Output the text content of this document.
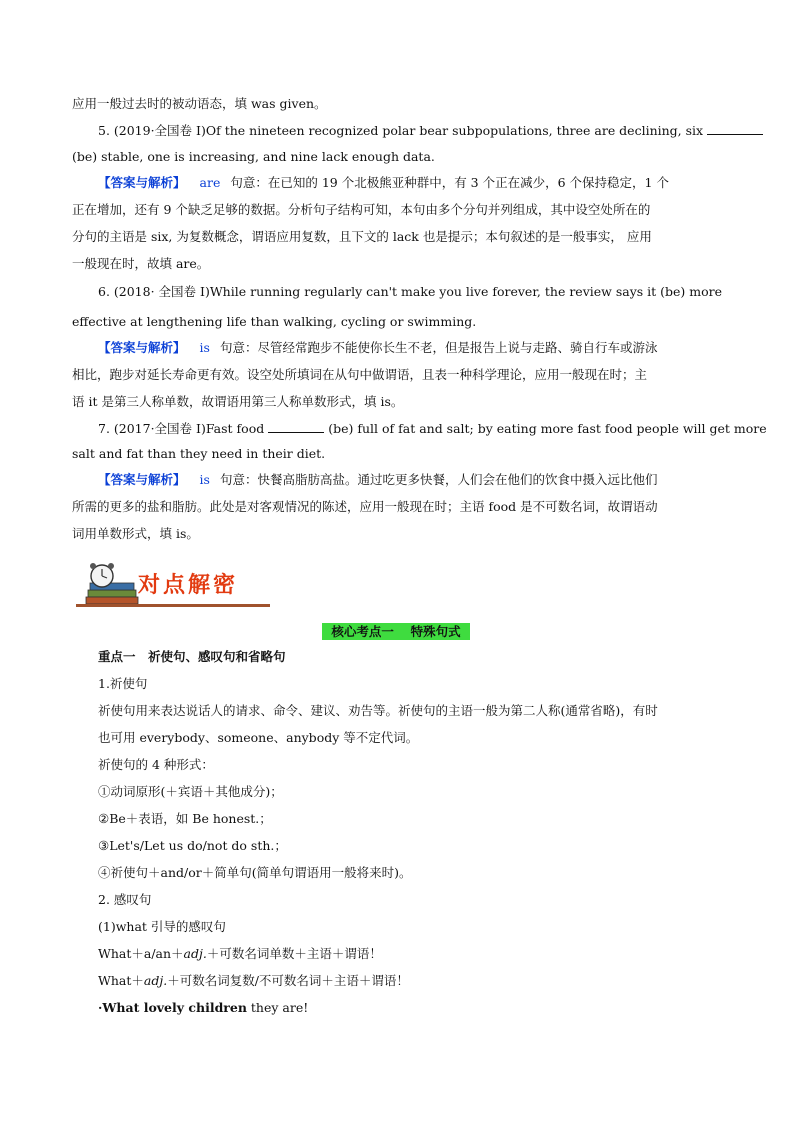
应用一般过去时的被动语态，填 was given。
5. (2019·全国卷 Ⅰ)Of the nineteen recognized polar bear subpopulations, three are declining, six
(be) stable, one is increasing, and nine lack enough data.
【答案与解析】 are 句意：在已知的 19 个北极熊亚种群中，有 3 个正在减少，6 个保持稳定，1 个
正在增加，还有 9 个缺乏足够的数据。分析句子结构可知，本句由多个分句并列组成，其中设空处所在的
分句的主语是 six, 为复数概念，谓语应用复数，且下文的 lack 也是提示；本句叙述的是一般事实， 应用
一般现在时，故填 are。
6. (2018· 全国卷 Ⅰ)While running regularly can't make you live forever, the review says it (be) more
effective at lengthening life than walking, cycling or swimming.
【答案与解析】 is 句意：尽管经常跑步不能使你长生不老，但是报告上说与走路、骑自行车或游泳
相比，跑步对延长寿命更有效。设空处所填词在从句中做谓语，且表一种科学理论，应用一般现在时；主
语 it 是第三人称单数，故谓语用第三人称单数形式，填 is。
7. (2017·全国卷 Ⅰ)Fast food	(be) full of fat and salt; by eating more fast food people will get more
salt and fat than they need in their diet.
【答案与解析】 is 句意：快餐高脂肪高盐。通过吃更多快餐，人们会在他们的饮食中摄入远比他们
所需的更多的盐和脂肪。此处是对客观情况的陈述，应用一般现在时；主语 food 是不可数名词，故谓语动
词用单数形式，填 is。
对点解密
核心考点一　 特殊句式
重点一　祈使句、感叹句和省略句
1.祈使句
祈使句用来表达说话人的请求、命令、建议、劝告等。祈使句的主语一般为第二人称(通常省略)，有时
也可用 everybody、someone、anybody 等不定代词。
祈使句的 4 种形式：
①动词原形(＋宾语＋其他成分)；
②Be＋表语，如 Be honest.；
③Let's/Let us do/not do sth.；
④祈使句＋and/or＋简单句(简单句谓语用一般将来时)。
2. 感叹句
(1)what 引导的感叹句
What＋a/an＋adj.＋可数名词单数＋主语＋谓语！
What＋adj.＋可数名词复数/不可数名词＋主语＋谓语！
·What lovely children they are!
